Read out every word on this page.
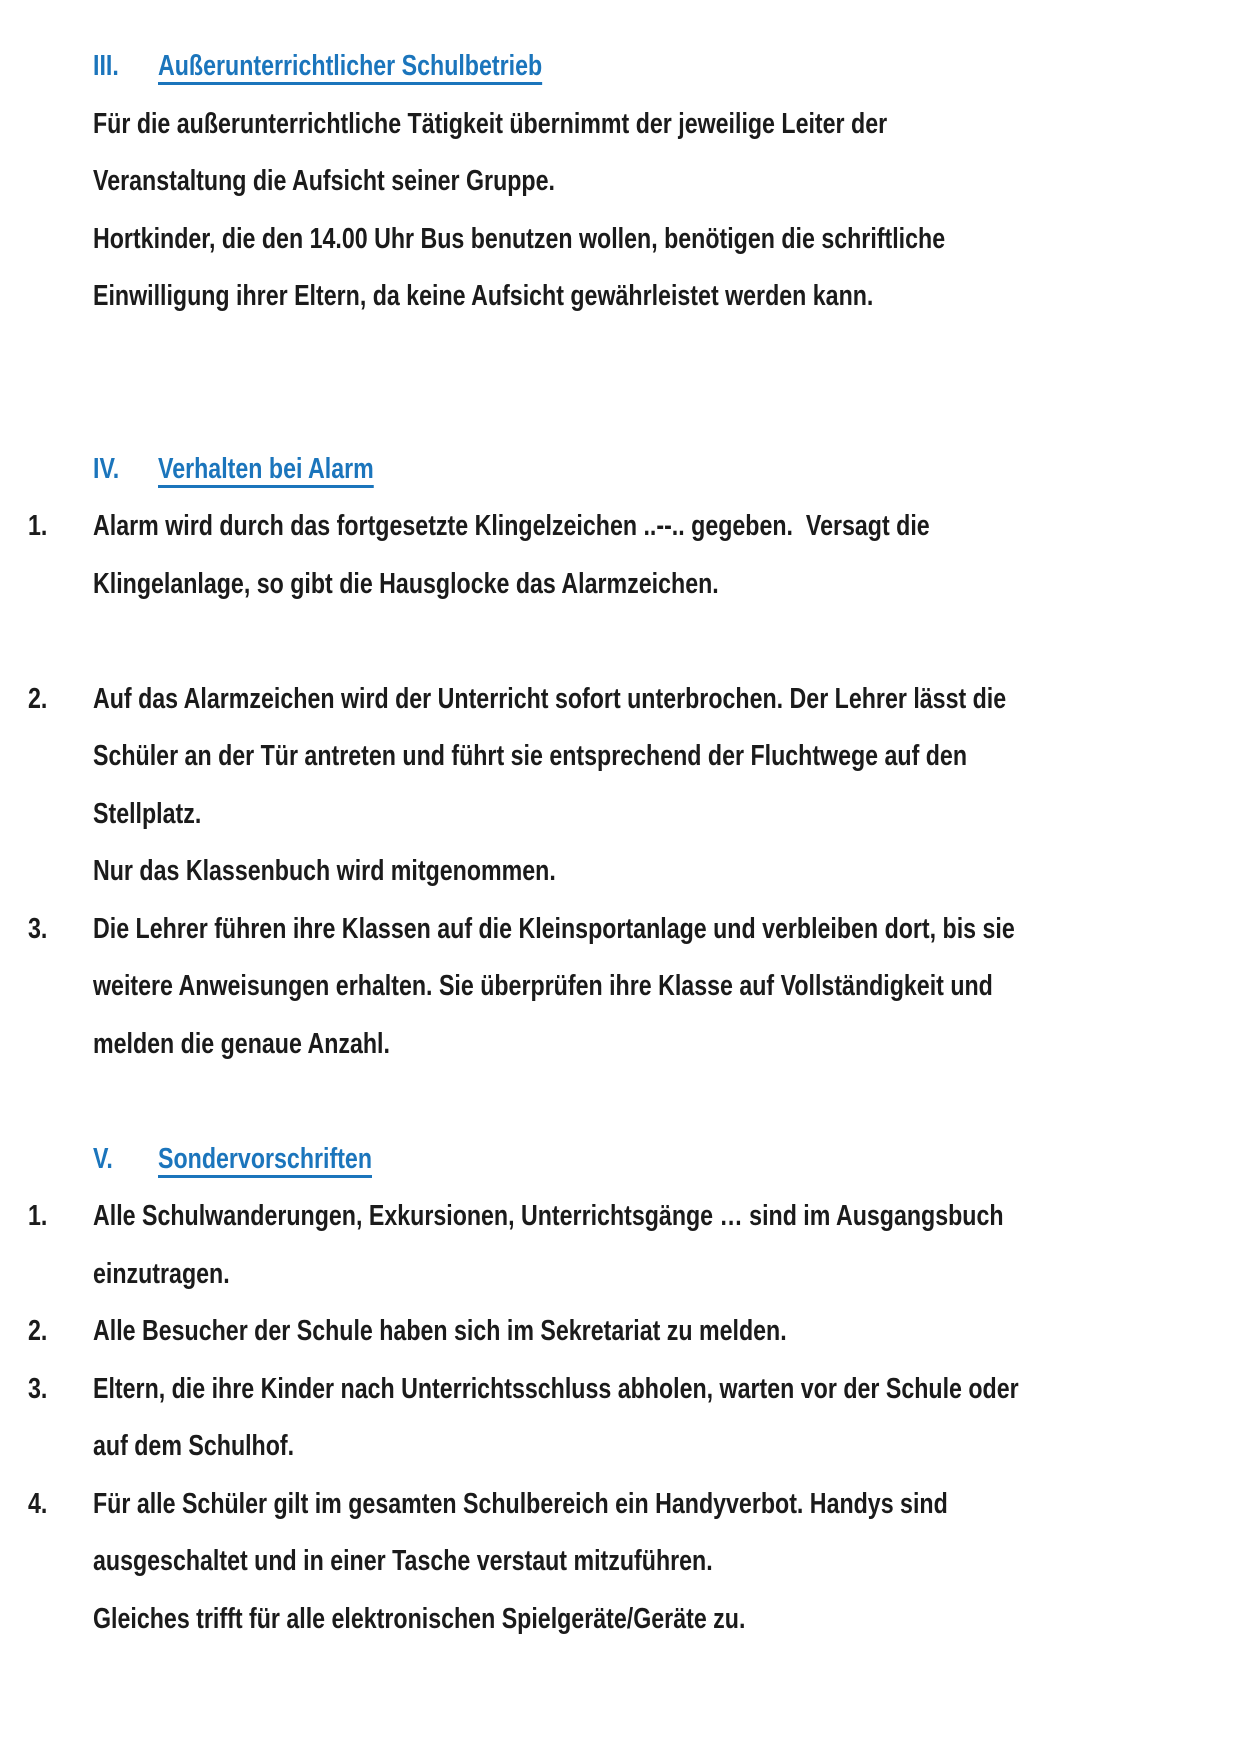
III.	Außerunterrichtlicher Schulbetrieb
Für die außerunterrichtliche Tätigkeit übernimmt der jeweilige Leiter der
Veranstaltung die Aufsicht seiner Gruppe.
Hortkinder, die den 14.00 Uhr Bus benutzen wollen, benötigen die schriftliche
Einwilligung ihrer Eltern, da keine Aufsicht gewährleistet werden kann.
IV.	Verhalten bei Alarm
1.	Alarm wird durch das fortgesetzte Klingelzeichen ..--.. gegeben.  Versagt die
Klingelanlage, so gibt die Hausglocke das Alarmzeichen.
2.	Auf das Alarmzeichen wird der Unterricht sofort unterbrochen. Der Lehrer lässt die
Schüler an der Tür antreten und führt sie entsprechend der Fluchtwege auf den
Stellplatz.
Nur das Klassenbuch wird mitgenommen.
3.	Die Lehrer führen ihre Klassen auf die Kleinsportanlage und verbleiben dort, bis sie
weitere Anweisungen erhalten. Sie überprüfen ihre Klasse auf Vollständigkeit und
melden die genaue Anzahl.
V.	Sondervorschriften
1.	Alle Schulwanderungen, Exkursionen, Unterrichtsgänge … sind im Ausgangsbuch
einzutragen.
2.	Alle Besucher der Schule haben sich im Sekretariat zu melden.
3.	Eltern, die ihre Kinder nach Unterrichtsschluss abholen, warten vor der Schule oder
auf dem Schulhof.
4.	Für alle Schüler gilt im gesamten Schulbereich ein Handyverbot. Handys sind
ausgeschaltet und in einer Tasche verstaut mitzuführen.
Gleiches trifft für alle elektronischen Spielgeräte/Geräte zu.
